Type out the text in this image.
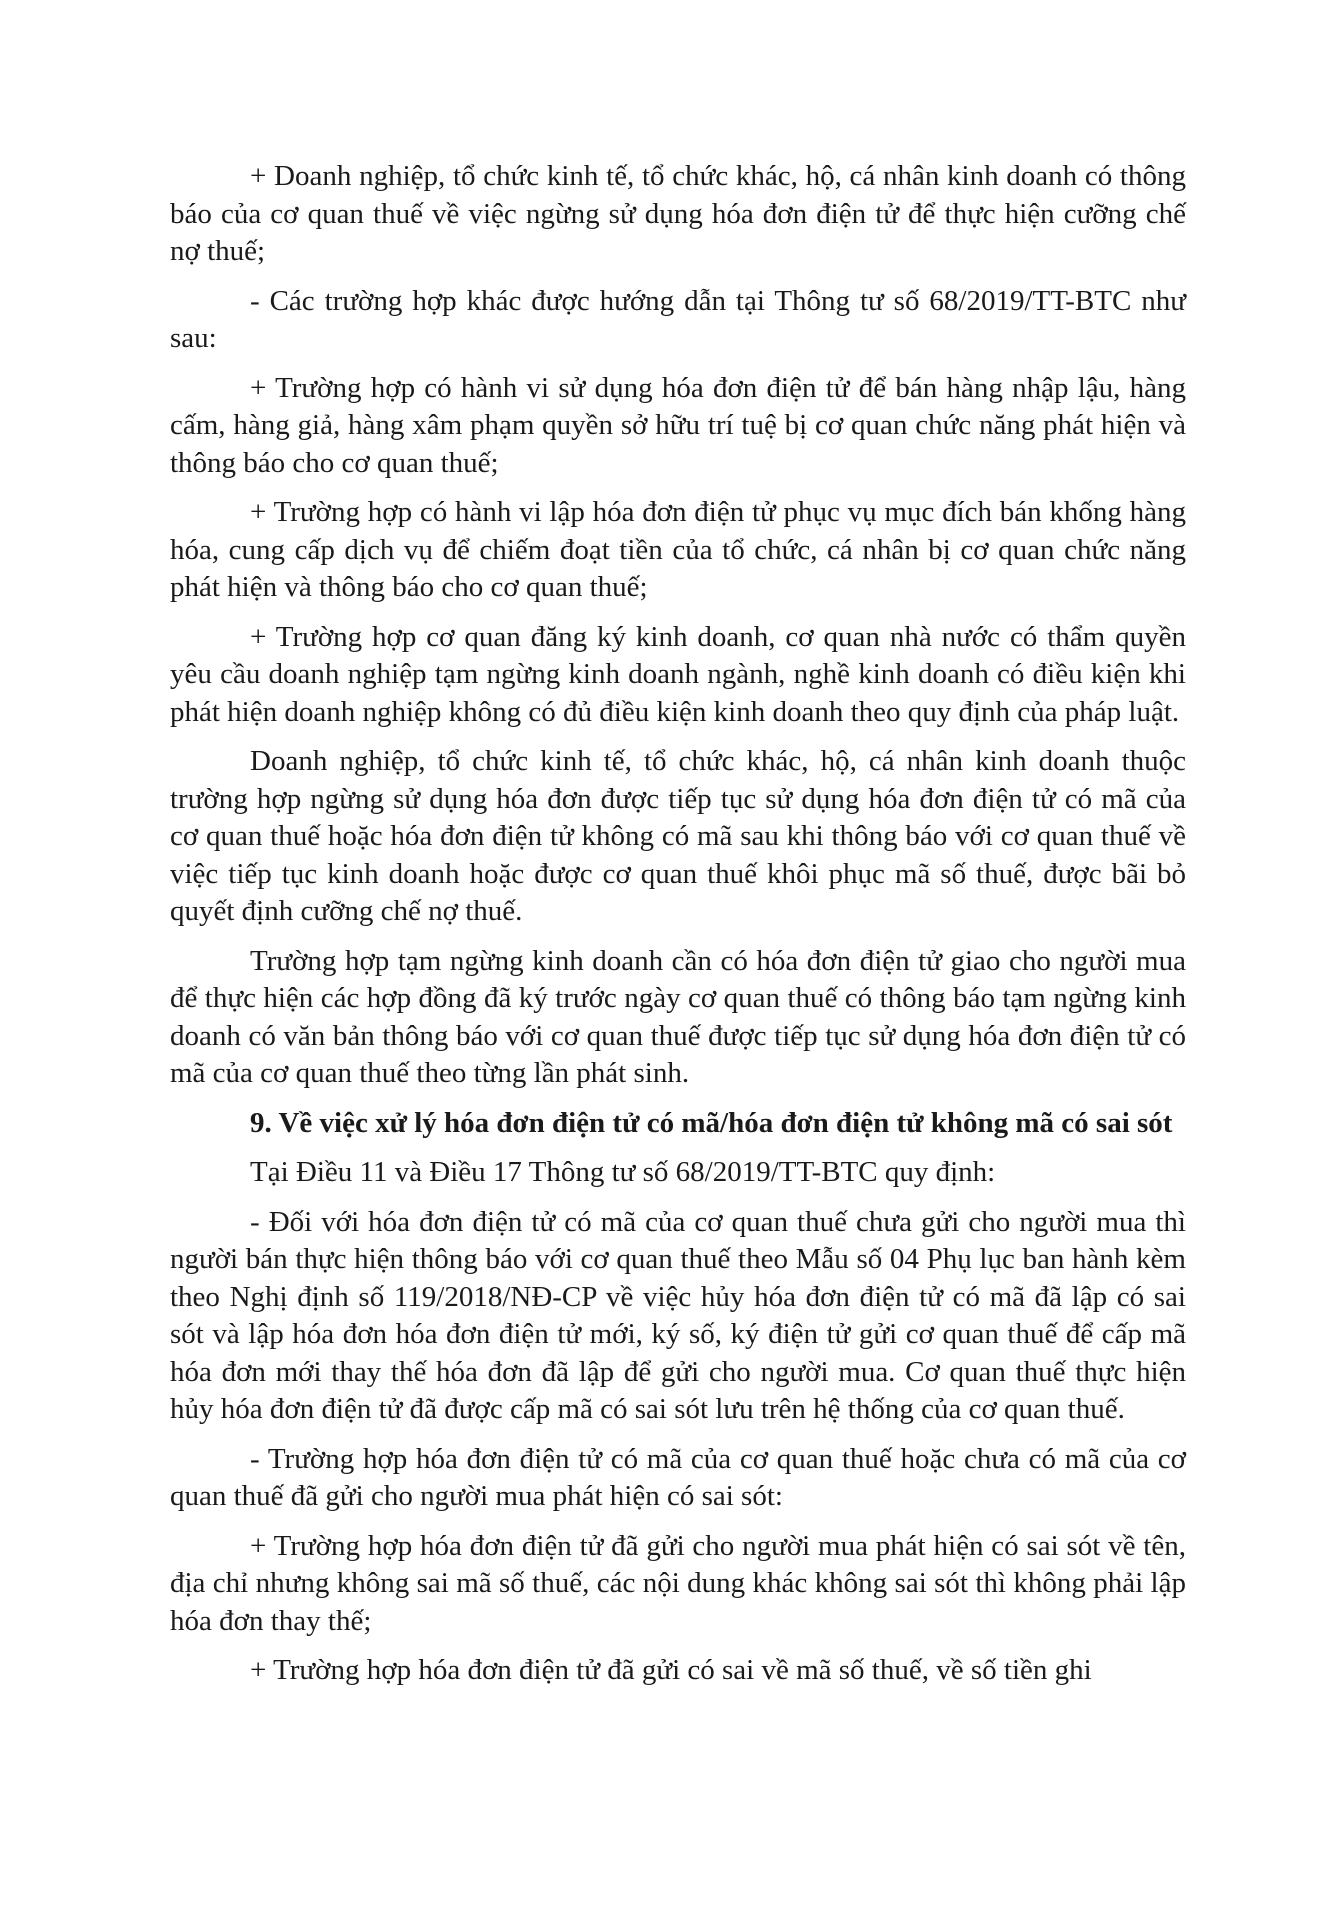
+ Doanh nghiệp, tổ chức kinh tế, tổ chức khác, hộ, cá nhân kinh doanh có thông báo của cơ quan thuế về việc ngừng sử dụng hóa đơn điện tử để thực hiện cưỡng chế nợ thuế;

- Các trường hợp khác được hướng dẫn tại Thông tư số 68/2019/TT-BTC như sau:

+ Trường hợp có hành vi sử dụng hóa đơn điện tử để bán hàng nhập lậu, hàng cấm, hàng giả, hàng xâm phạm quyền sở hữu trí tuệ bị cơ quan chức năng phát hiện và thông báo cho cơ quan thuế;

+ Trường hợp có hành vi lập hóa đơn điện tử phục vụ mục đích bán khống hàng hóa, cung cấp dịch vụ để chiếm đoạt tiền của tổ chức, cá nhân bị cơ quan chức năng phát hiện và thông báo cho cơ quan thuế;

+ Trường hợp cơ quan đăng ký kinh doanh, cơ quan nhà nước có thẩm quyền yêu cầu doanh nghiệp tạm ngừng kinh doanh ngành, nghề kinh doanh có điều kiện khi phát hiện doanh nghiệp không có đủ điều kiện kinh doanh theo quy định của pháp luật.

Doanh nghiệp, tổ chức kinh tế, tổ chức khác, hộ, cá nhân kinh doanh thuộc trường hợp ngừng sử dụng hóa đơn được tiếp tục sử dụng hóa đơn điện tử có mã của cơ quan thuế hoặc hóa đơn điện tử không có mã sau khi thông báo với cơ quan thuế về việc tiếp tục kinh doanh hoặc được cơ quan thuế khôi phục mã số thuế, được bãi bỏ quyết định cưỡng chế nợ thuế.

Trường hợp tạm ngừng kinh doanh cần có hóa đơn điện tử giao cho người mua để thực hiện các hợp đồng đã ký trước ngày cơ quan thuế có thông báo tạm ngừng kinh doanh có văn bản thông báo với cơ quan thuế được tiếp tục sử dụng hóa đơn điện tử có mã của cơ quan thuế theo từng lần phát sinh.

9. Về việc xử lý hóa đơn điện tử có mã/hóa đơn điện tử không mã có sai sót

Tại Điều 11 và Điều 17 Thông tư số 68/2019/TT-BTC quy định:

- Đối với hóa đơn điện tử có mã của cơ quan thuế chưa gửi cho người mua thì người bán thực hiện thông báo với cơ quan thuế theo Mẫu số 04 Phụ lục ban hành kèm theo Nghị định số 119/2018/NĐ-CP về việc hủy hóa đơn điện tử có mã đã lập có sai sót và lập hóa đơn hóa đơn điện tử mới, ký số, ký điện tử gửi cơ quan thuế để cấp mã hóa đơn mới thay thế hóa đơn đã lập để gửi cho người mua. Cơ quan thuế thực hiện hủy hóa đơn điện tử đã được cấp mã có sai sót lưu trên hệ thống của cơ quan thuế.

- Trường hợp hóa đơn điện tử có mã của cơ quan thuế hoặc chưa có mã của cơ quan thuế đã gửi cho người mua phát hiện có sai sót:

+ Trường hợp hóa đơn điện tử đã gửi cho người mua phát hiện có sai sót về tên, địa chỉ nhưng không sai mã số thuế, các nội dung khác không sai sót thì không phải lập hóa đơn thay thế;

+ Trường hợp hóa đơn điện tử đã gửi có sai về mã số thuế, về số tiền ghi
